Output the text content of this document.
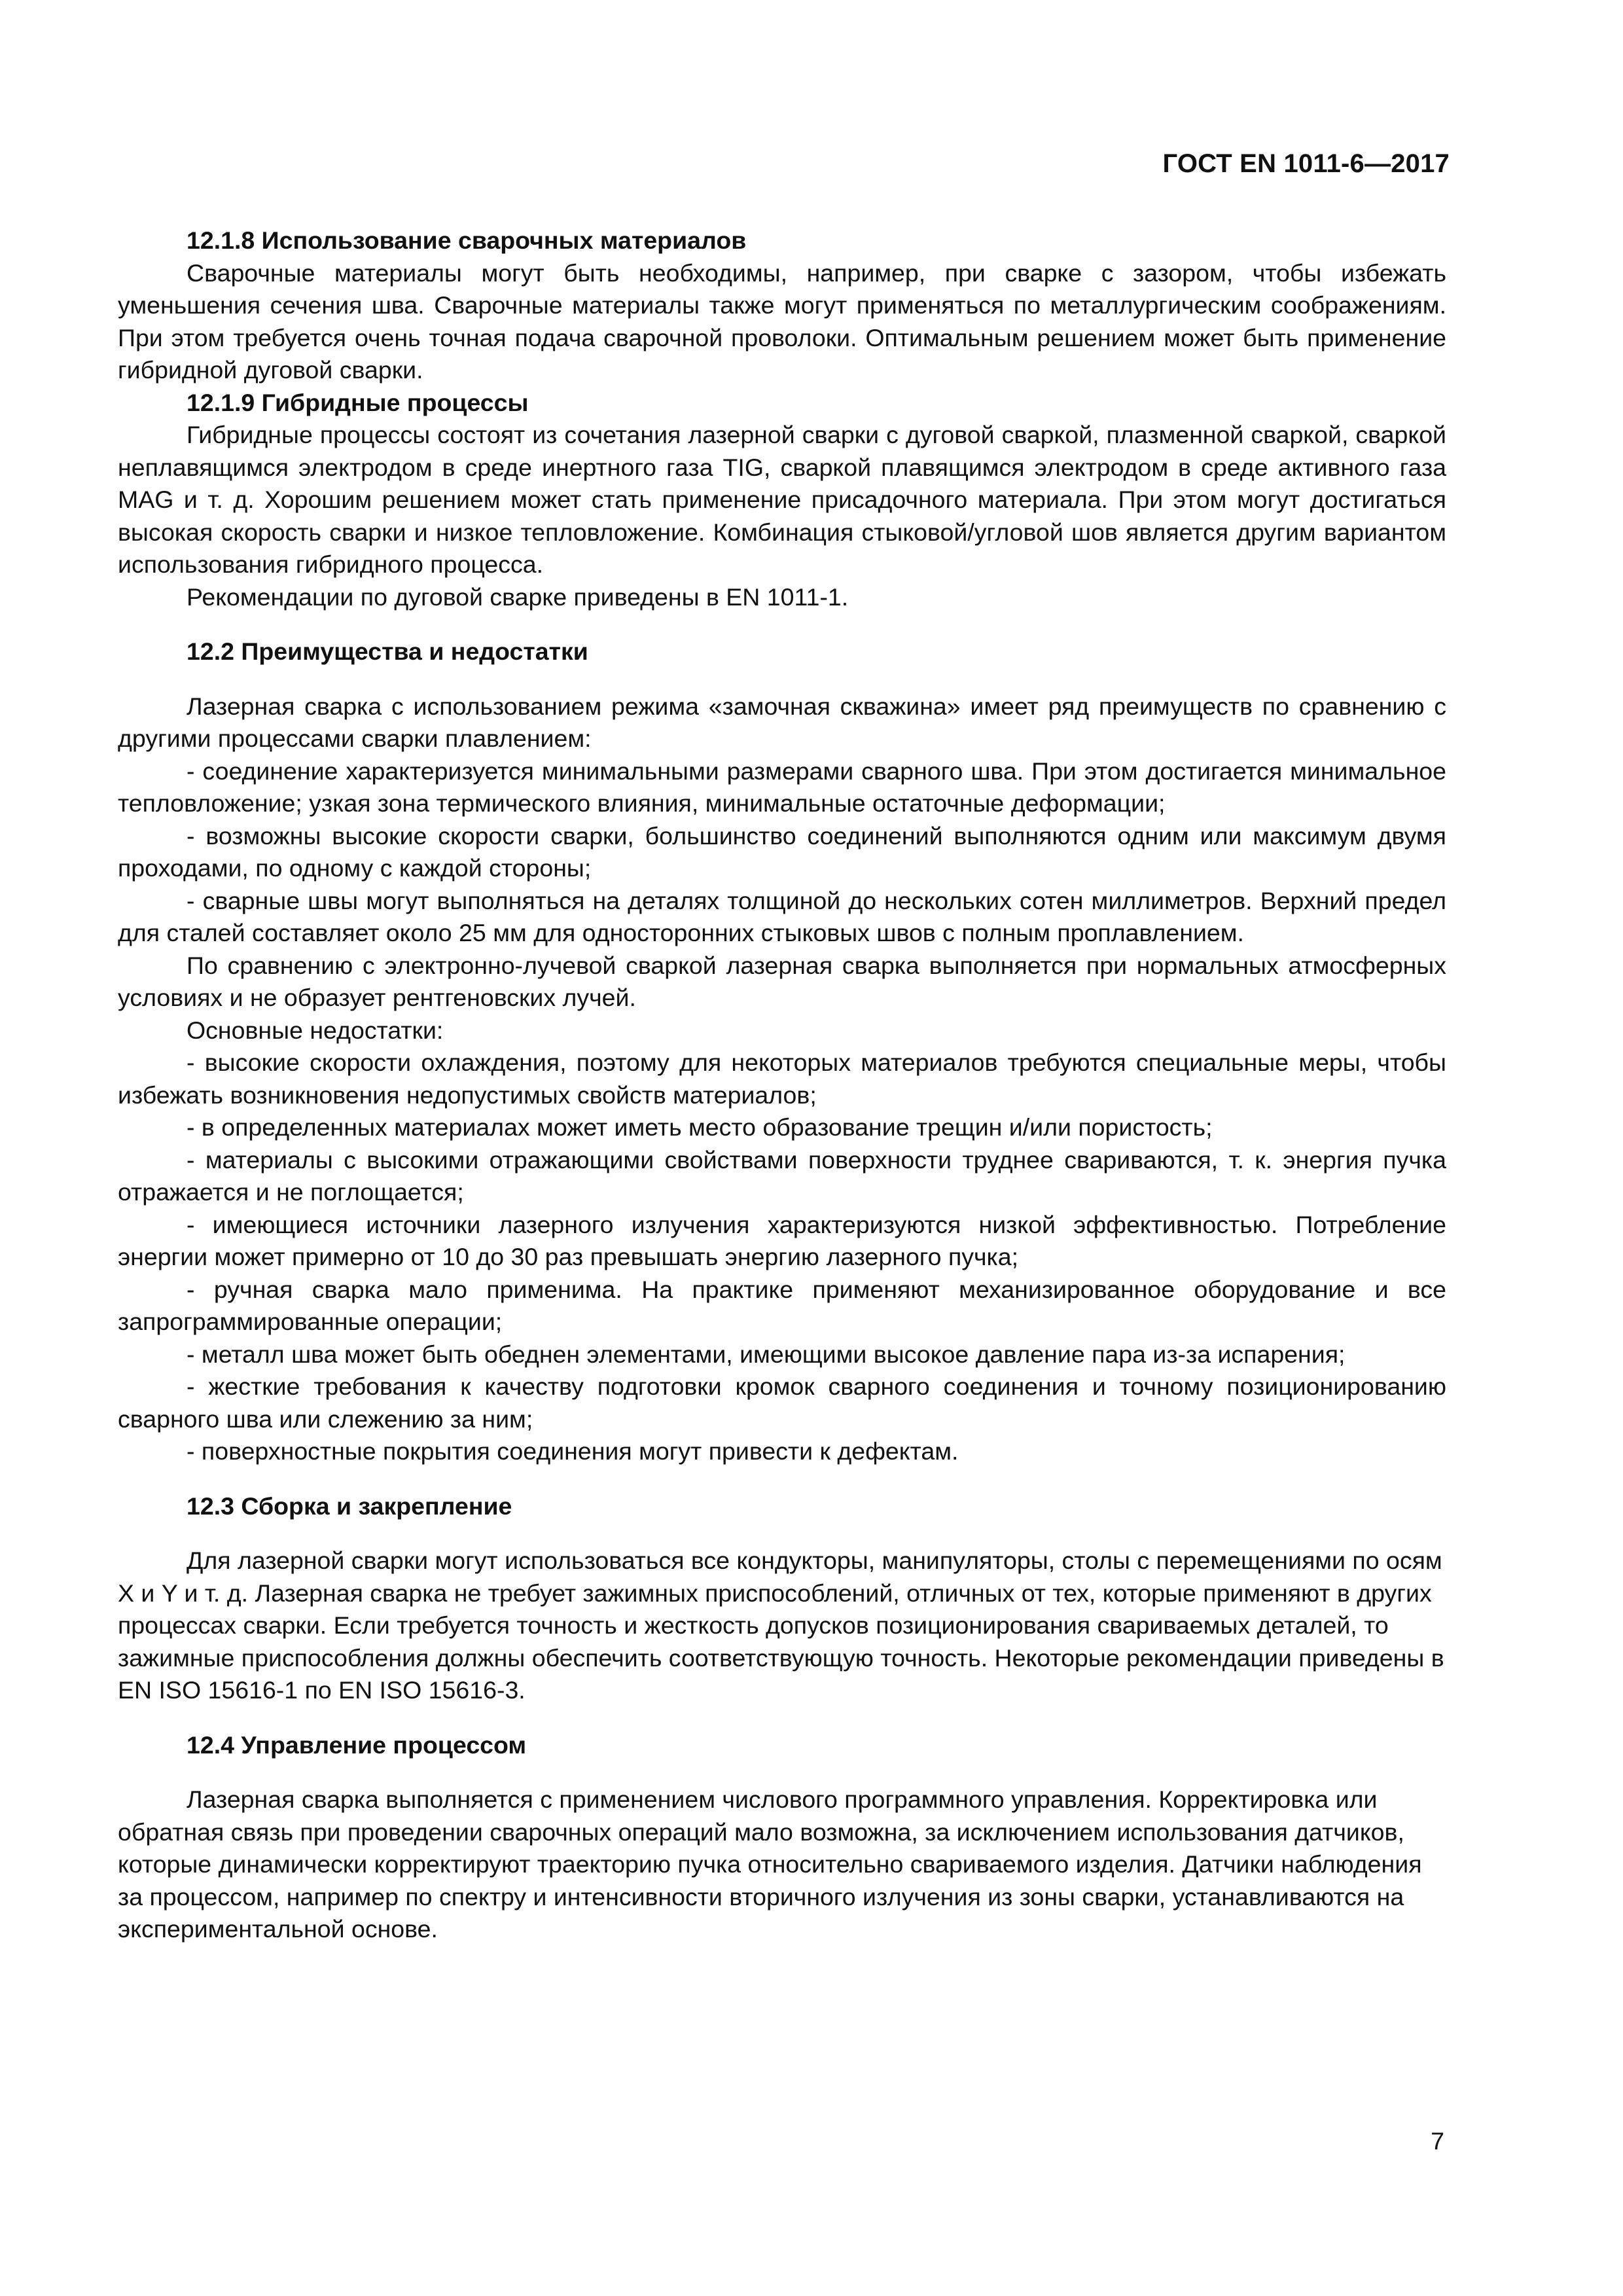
ГОСТ EN 1011-6—2017
12.1.8 Использование сварочных материалов

Сварочные материалы могут быть необходимы, например, при сварке с зазором, чтобы избежать уменьшения сечения шва. Сварочные материалы также могут применяться по металлургическим соображениям. При этом требуется очень точная подача сварочной проволоки. Оптимальным решением может быть применение гибридной дуговой сварки.

12.1.9 Гибридные процессы

Гибридные процессы состоят из сочетания лазерной сварки с дуговой сваркой, плазменной сваркой, сваркой неплавящимся электродом в среде инертного газа TIG, сваркой плавящимся электродом в среде активного газа MAG и т. д. Хорошим решением может стать применение присадочного материала. При этом могут достигаться высокая скорость сварки и низкое тепловложение. Комбинация стыковой/угловой шов является другим вариантом использования гибридного процесса.

Рекомендации по дуговой сварке приведены в EN 1011-1.

12.2 Преимущества и недостатки

Лазерная сварка с использованием режима «замочная скважина» имеет ряд преимуществ по сравнению с другими процессами сварки плавлением:

- соединение характеризуется минимальными размерами сварного шва. При этом достигается минимальное тепловложение; узкая зона термического влияния, минимальные остаточные деформации;

- возможны высокие скорости сварки, большинство соединений выполняются одним или максимум двумя проходами, по одному с каждой стороны;

- сварные швы могут выполняться на деталях толщиной до нескольких сотен миллиметров. Верхний предел для сталей составляет около 25 мм для односторонних стыковых швов с полным проплавлением.

По сравнению с электронно-лучевой сваркой лазерная сварка выполняется при нормальных атмосферных условиях и не образует рентгеновских лучей.

Основные недостатки:

- высокие скорости охлаждения, поэтому для некоторых материалов требуются специальные меры, чтобы избежать возникновения недопустимых свойств материалов;

- в определенных материалах может иметь место образование трещин и/или пористость;

- материалы с высокими отражающими свойствами поверхности труднее свариваются, т. к. энергия пучка отражается и не поглощается;

- имеющиеся источники лазерного излучения характеризуются низкой эффективностью. Потребление энергии может примерно от 10 до 30 раз превышать энергию лазерного пучка;

- ручная сварка мало применима. На практике применяют механизированное оборудование и все запрограммированные операции;

- металл шва может быть обеднен элементами, имеющими высокое давление пара из-за испарения;

- жесткие требования к качеству подготовки кромок сварного соединения и точному позиционированию сварного шва или слежению за ним;

- поверхностные покрытия соединения могут привести к дефектам.

12.3 Сборка и закрепление

Для лазерной сварки могут использоваться все кондукторы, манипуляторы, столы с перемещениями по осям X и Y и т. д. Лазерная сварка не требует зажимных приспособлений, отличных от тех, которые применяют в других процессах сварки. Если требуется точность и жесткость допусков позиционирования свариваемых деталей, то зажимные приспособления должны обеспечить соответствующую точность. Некоторые рекомендации приведены в EN ISO 15616-1 по EN ISO 15616-3.

12.4 Управление процессом

Лазерная сварка выполняется с применением числового программного управления. Корректировка или обратная связь при проведении сварочных операций мало возможна, за исключением использования датчиков, которые динамически корректируют траекторию пучка относительно свариваемого изделия. Датчики наблюдения за процессом, например по спектру и интенсивности вторичного излучения из зоны сварки, устанавливаются на экспериментальной основе.

7
